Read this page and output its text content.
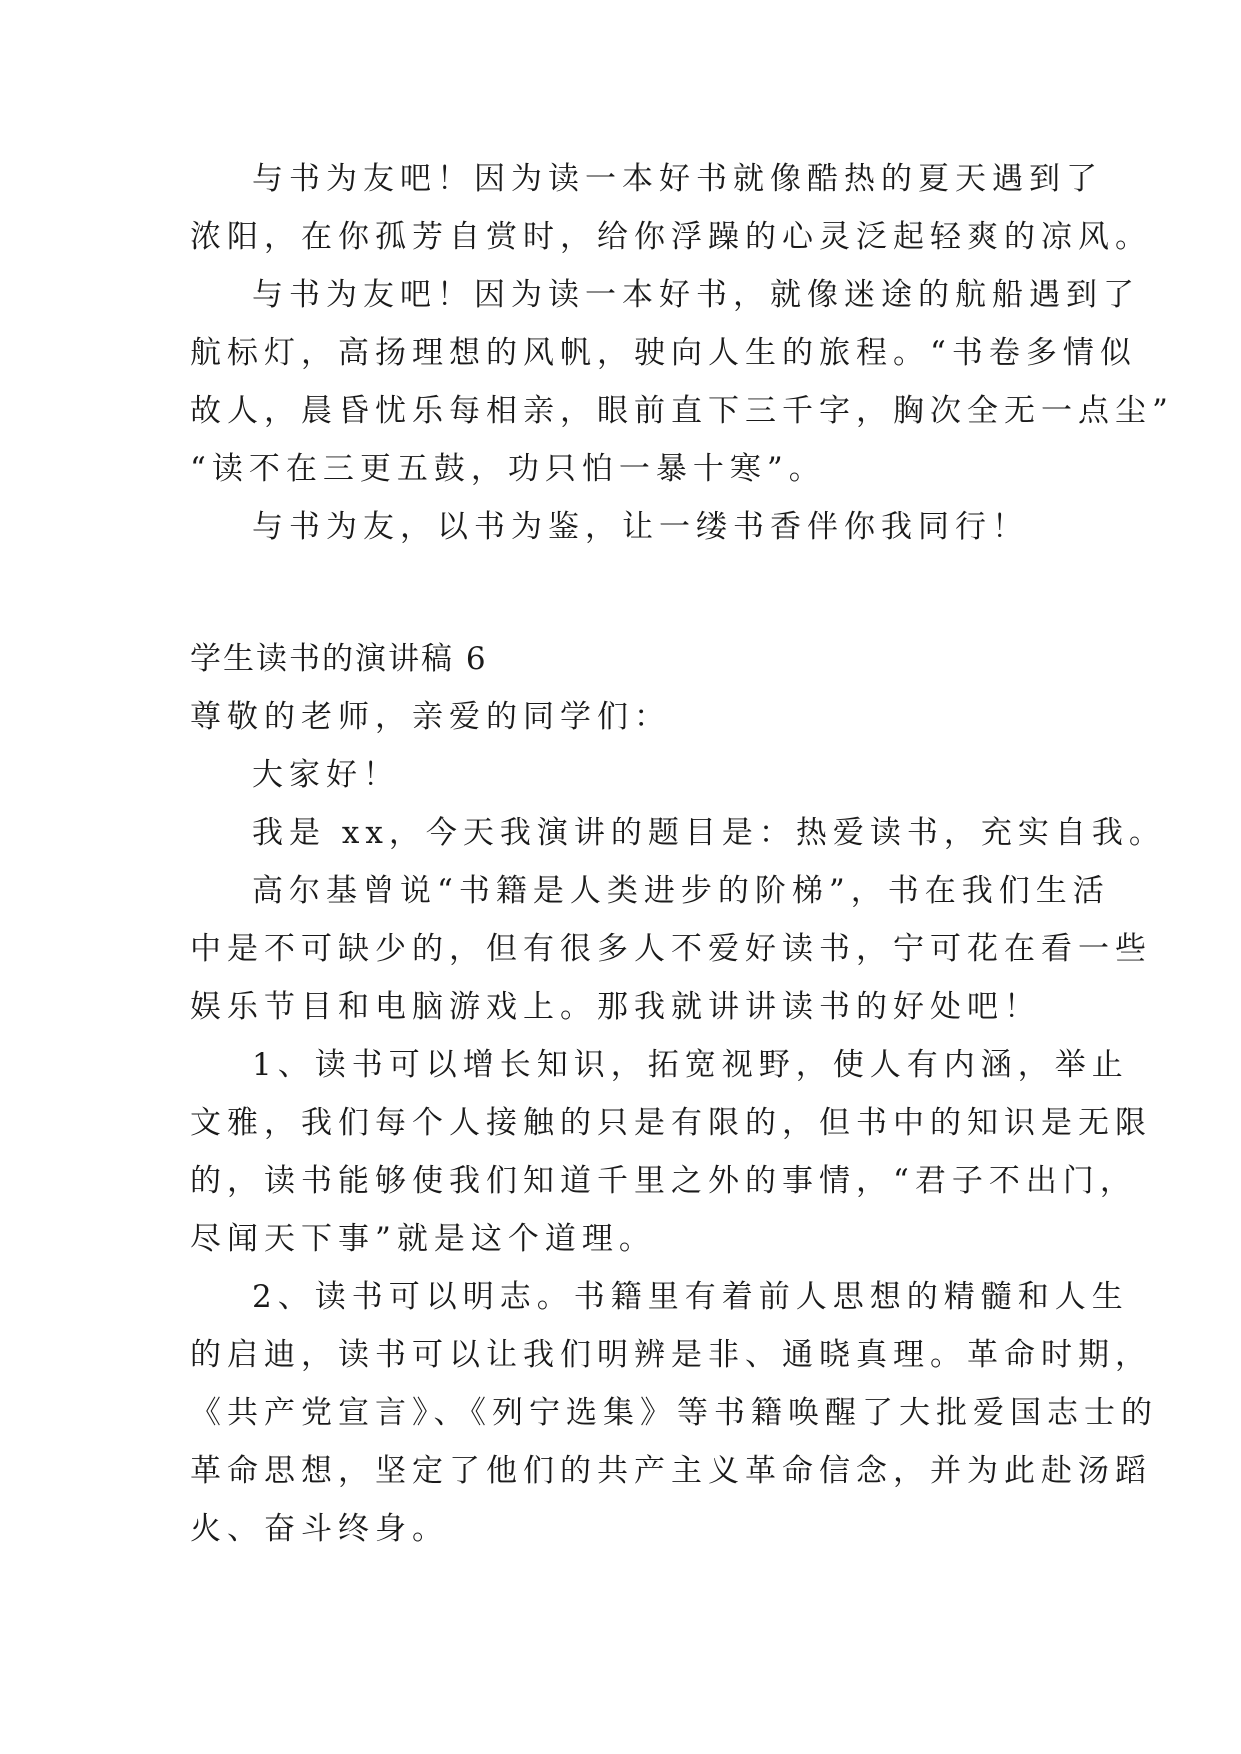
与书为友吧！因为读一本好书就像酷热的夏天遇到了
浓阳，在你孤芳自赏时，给你浮躁的心灵泛起轻爽的凉风。
与书为友吧！因为读一本好书，就像迷途的航船遇到了
航标灯，高扬理想的风帆，驶向人生的旅程。“书卷多情似
故人，晨昏忧乐每相亲，眼前直下三千字，胸次全无一点尘”
“读不在三更五鼓，功只怕一暴十寒”。
与书为友，以书为鉴，让一缕书香伴你我同行！
学生读书的演讲稿 6
尊敬的老师，亲爱的同学们：
大家好！
我是 xx，今天我演讲的题目是：热爱读书，充实自我。
高尔基曾说“书籍是人类进步的阶梯”，书在我们生活
中是不可缺少的，但有很多人不爱好读书，宁可花在看一些
娱乐节目和电脑游戏上。那我就讲讲读书的好处吧！
1、读书可以增长知识，拓宽视野，使人有内涵，举止
文雅，我们每个人接触的只是有限的，但书中的知识是无限
的，读书能够使我们知道千里之外的事情，“君子不出门，
尽闻天下事”就是这个道理。
2、读书可以明志。书籍里有着前人思想的精髓和人生
的启迪，读书可以让我们明辨是非、通晓真理。革命时期，
《共产党宣言》、《列宁选集》等书籍唤醒了大批爱国志士的
革命思想，坚定了他们的共产主义革命信念，并为此赴汤蹈
火、奋斗终身。
